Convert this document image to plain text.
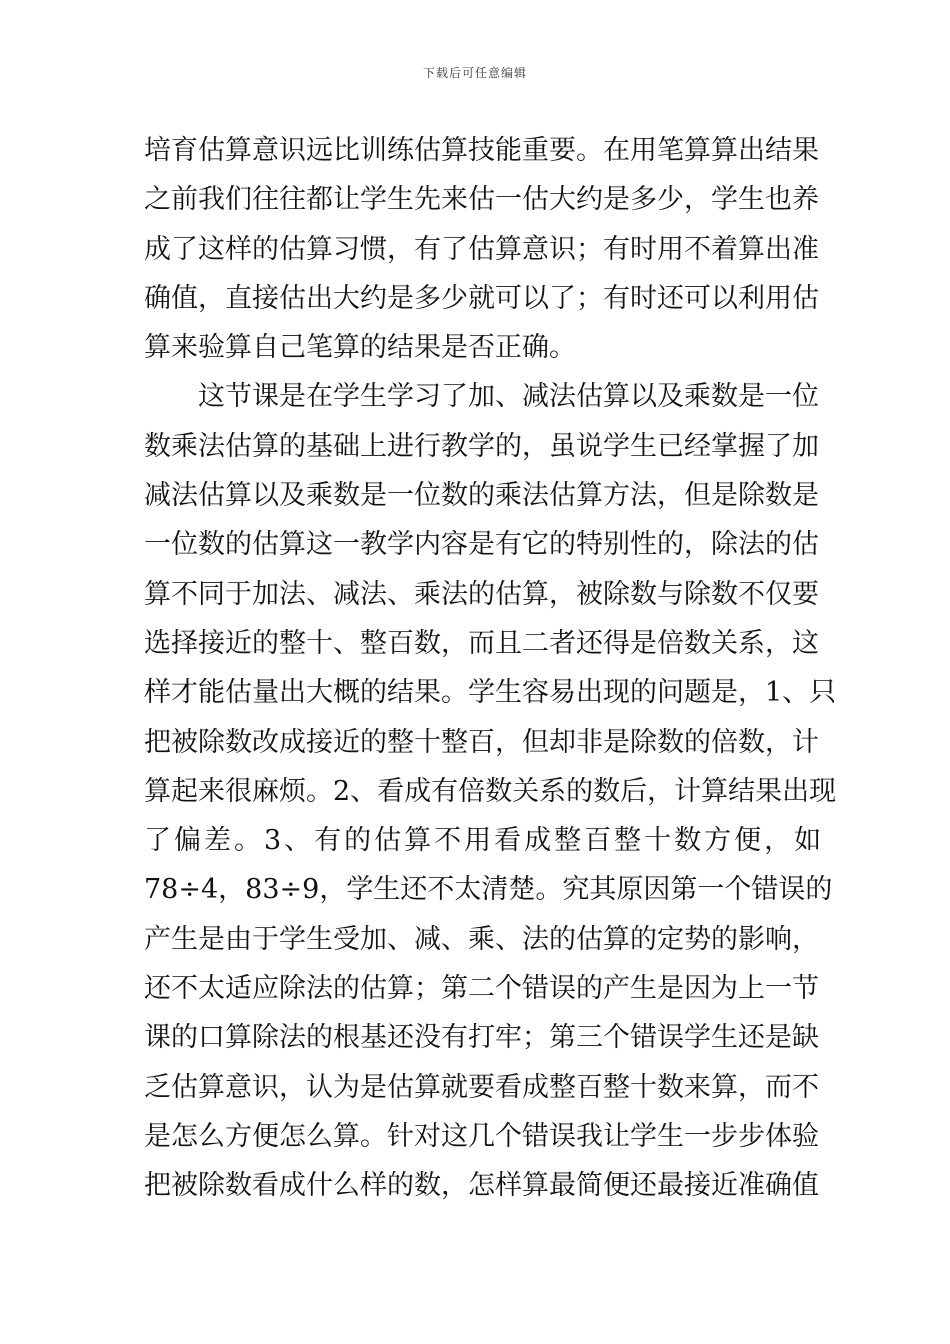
下载后可任意编辑
培育估算意识远比训练估算技能重要。在用笔算算出结果
之前我们往往都让学生先来估一估大约是多少，学生也养
成了这样的估算习惯，有了估算意识；有时用不着算出准
确值，直接估出大约是多少就可以了；有时还可以利用估
算来验算自己笔算的结果是否正确。
这节课是在学生学习了加、减法估算以及乘数是一位
数乘法估算的基础上进行教学的，虽说学生已经掌握了加
减法估算以及乘数是一位数的乘法估算方法，但是除数是
一位数的估算这一教学内容是有它的特别性的，除法的估
算不同于加法、减法、乘法的估算，被除数与除数不仅要
选择接近的整十、整百数，而且二者还得是倍数关系，这
样才能估量出大概的结果。学生容易出现的问题是，1、只
把被除数改成接近的整十整百，但却非是除数的倍数，计
算起来很麻烦。2、看成有倍数关系的数后，计算结果出现
了偏差。3、有的估算不用看成整百整十数方便，如
78÷4，83÷9，学生还不太清楚。究其原因第一个错误的
产生是由于学生受加、减、乘、法的估算的定势的影响，
还不太适应除法的估算；第二个错误的产生是因为上一节
课的口算除法的根基还没有打牢；第三个错误学生还是缺
乏估算意识，认为是估算就要看成整百整十数来算，而不
是怎么方便怎么算。针对这几个错误我让学生一步步体验
把被除数看成什么样的数，怎样算最简便还最接近准确值
